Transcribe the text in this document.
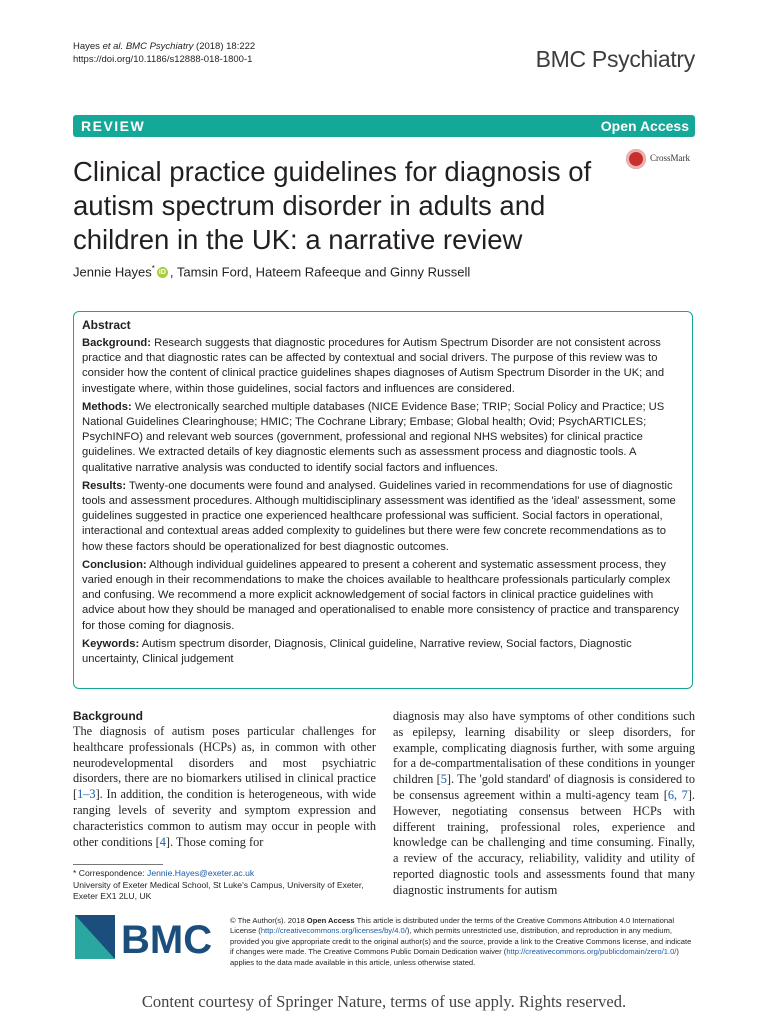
Hayes et al. BMC Psychiatry (2018) 18:222
https://doi.org/10.1186/s12888-018-1800-1	BMC Psychiatry
REVIEW	Open Access
Clinical practice guidelines for diagnosis of autism spectrum disorder in adults and children in the UK: a narrative review
CrossMark
Jennie Hayes* iD , Tamsin Ford, Hateem Rafeeque and Ginny Russell
Abstract

Background: Research suggests that diagnostic procedures for Autism Spectrum Disorder are not consistent across practice and that diagnostic rates can be affected by contextual and social drivers. The purpose of this review was to consider how the content of clinical practice guidelines shapes diagnoses of Autism Spectrum Disorder in the UK; and investigate where, within those guidelines, social factors and influences are considered.

Methods: We electronically searched multiple databases (NICE Evidence Base; TRIP; Social Policy and Practice; US National Guidelines Clearinghouse; HMIC; The Cochrane Library; Embase; Global health; Ovid; PsychARTICLES; PsychINFO) and relevant web sources (government, professional and regional NHS websites) for clinical practice guidelines. We extracted details of key diagnostic elements such as assessment process and diagnostic tools. A qualitative narrative analysis was conducted to identify social factors and influences.

Results: Twenty-one documents were found and analysed. Guidelines varied in recommendations for use of diagnostic tools and assessment procedures. Although multidisciplinary assessment was identified as the 'ideal' assessment, some guidelines suggested in practice one experienced healthcare professional was sufficient. Social factors in operational, interactional and contextual areas added complexity to guidelines but there were few concrete recommendations as to how these factors should be operationalized for best diagnostic outcomes.

Conclusion: Although individual guidelines appeared to present a coherent and systematic assessment process, they varied enough in their recommendations to make the choices available to healthcare professionals particularly complex and confusing. We recommend a more explicit acknowledgement of social factors in clinical practice guidelines with advice about how they should be managed and operationalised to enable more consistency of practice and transparency for those coming for diagnosis.

Keywords: Autism spectrum disorder, Diagnosis, Clinical guideline, Narrative review, Social factors, Diagnostic uncertainty, Clinical judgement

Background

The diagnosis of autism poses particular challenges for healthcare professionals (HCPs) as, in common with other neurodevelopmental disorders and most psychiatric disorders, there are no biomarkers utilised in clinical practice [1–3]. In addition, the condition is heterogeneous, with wide ranging levels of severity and symptom expression and characteristics common to autism may occur in people with other conditions [4]. Those coming for

diagnosis may also have symptoms of other conditions such as epilepsy, learning disability or sleep disorders, for example, complicating diagnosis further, with some arguing for a de-compartmentalisation of these conditions in younger children [5]. The 'gold standard' of diagnosis is considered to be consensus agreement within a multi-agency team [6, 7]. However, negotiating consensus between HCPs with different training, professional roles, experience and knowledge can be challenging and time consuming. Finally, a review of the accuracy, reliability, validity and utility of reported diagnostic tools and assessments found that many diagnostic instruments for autism

* Correspondence: Jennie.Hayes@exeter.ac.uk
University of Exeter Medical School, St Luke's Campus, University of Exeter,
Exeter EX1 2LU, UK
BMC © The Author(s). 2018 Open Access This article is distributed under the terms of the Creative Commons Attribution 4.0 International License (http://creativecommons.org/licenses/by/4.0/), which permits unrestricted use, distribution, and reproduction in any medium, provided you give appropriate credit to the original author(s) and the source, provide a link to the Creative Commons license, and indicate if changes were made. The Creative Commons Public Domain Dedication waiver (http://creativecommons.org/publicdomain/zero/1.0/) applies to the data made available in this article, unless otherwise stated.
Content courtesy of Springer Nature, terms of use apply. Rights reserved.
